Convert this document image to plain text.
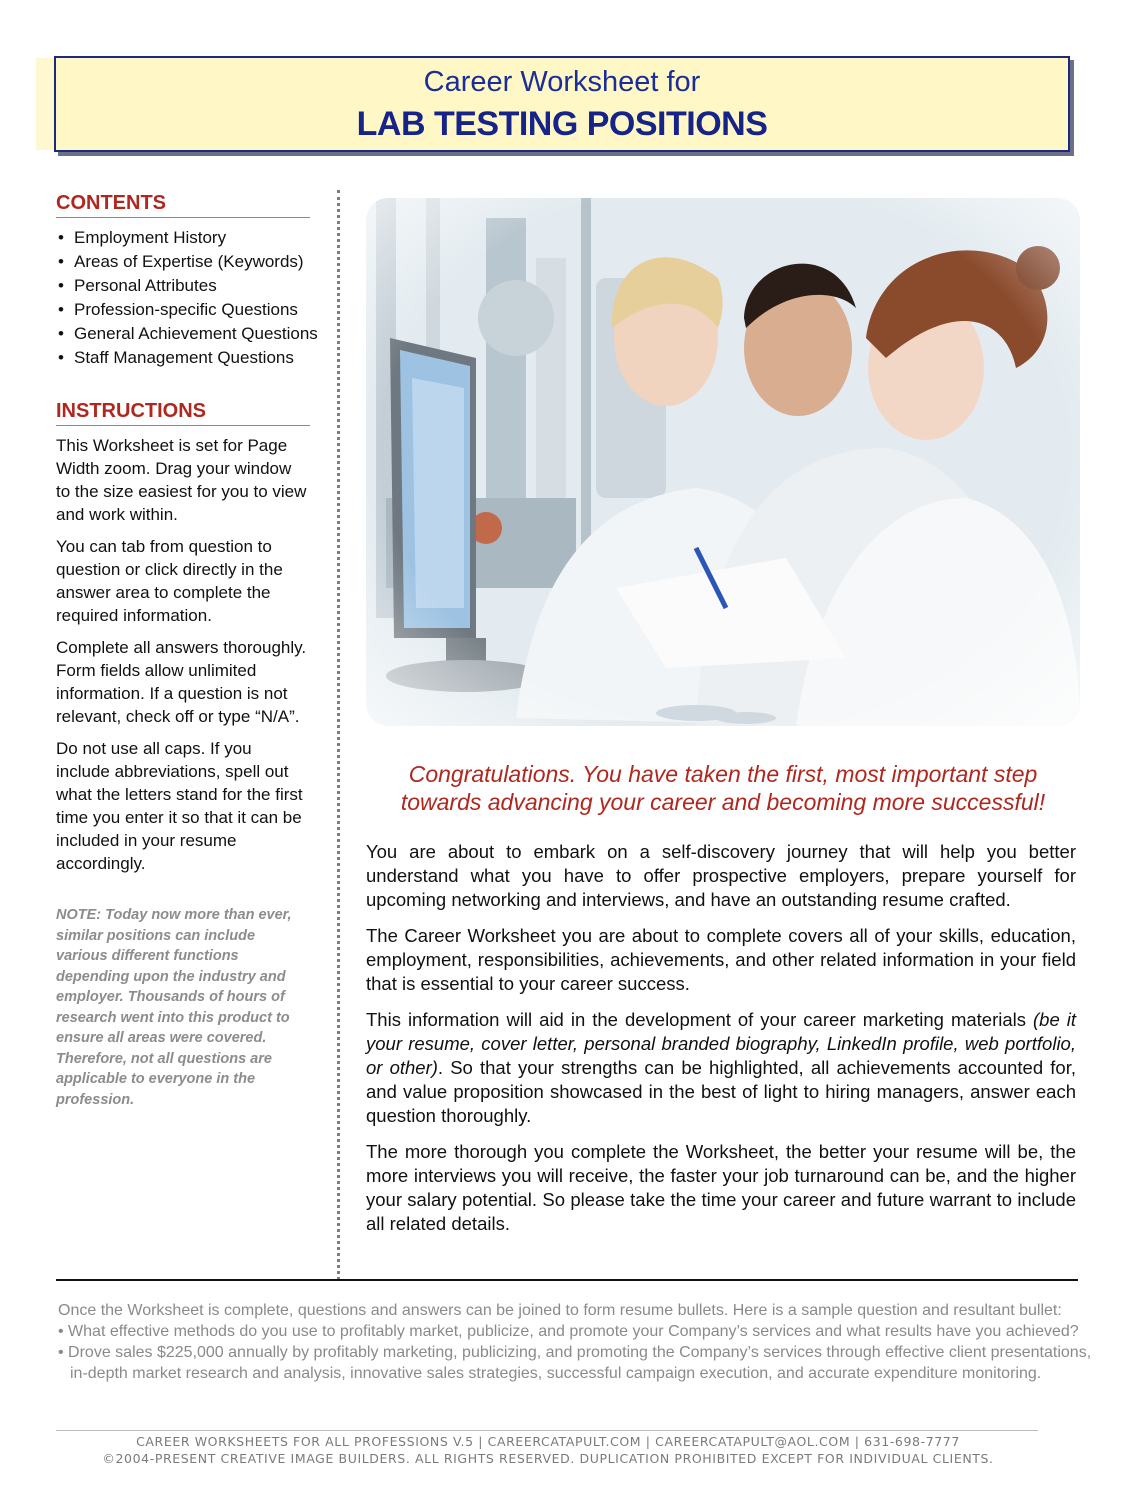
Career Worksheet for
LAB TESTING POSITIONS
CONTENTS
• Employment History
• Areas of Expertise (Keywords)
• Personal Attributes
• Profession-specific Questions
• General Achievement Questions
• Staff Management Questions
INSTRUCTIONS

This Worksheet is set for Page Width zoom. Drag your window to the size easiest for you to view and work within.

You can tab from question to question or click directly in the answer area to complete the required information.

Complete all answers thoroughly. Form fields allow unlimited information. If a question is not relevant, check off or type “N/A”.

Do not use all caps. If you include abbreviations, spell out what the letters stand for the first time you enter it so that it can be included in your resume accordingly.

NOTE: Today now more than ever, similar positions can include various different functions depending upon the industry and employer. Thousands of hours of research went into this product to ensure all areas were covered. Therefore, not all questions are applicable to everyone in the profession.
Congratulations. You have taken the first, most important step
towards advancing your career and becoming more successful!

You are about to embark on a self-discovery journey that will help you better understand what you have to offer prospective employers, prepare yourself for upcoming networking and interviews, and have an outstanding resume crafted.

The Career Worksheet you are about to complete covers all of your skills, education, employment, responsibilities, achievements, and other related information in your field that is essential to your career success.

This information will aid in the development of your career marketing materials (be it your resume, cover letter, personal branded biography, LinkedIn profile, web portfolio, or other). So that your strengths can be highlighted, all achievements accounted for, and value proposition showcased in the best of light to hiring managers, answer each question thoroughly.

The more thorough you complete the Worksheet, the better your resume will be, the more interviews you will receive, the faster your job turnaround can be, and the higher your salary potential. So please take the time your career and future warrant to include all related details.

Once the Worksheet is complete, questions and answers can be joined to form resume bullets. Here is a sample question and resultant bullet:
• What effective methods do you use to profitably market, publicize, and promote your Company’s services and what results have you achieved?
• Drove sales $225,000 annually by profitably marketing, publicizing, and promoting the Company’s services through effective client presentations,
in-depth market research and analysis, innovative sales strategies, successful campaign execution, and accurate expenditure monitoring.
CAREER WORKSHEETS FOR ALL PROFESSIONS V.5 | CAREERCATAPULT.COM | CAREERCATAPULT@AOL.COM | 631-698-7777
©2004-PRESENT CREATIVE IMAGE BUILDERS. ALL RIGHTS RESERVED. DUPLICATION PROHIBITED EXCEPT FOR INDIVIDUAL CLIENTS.
